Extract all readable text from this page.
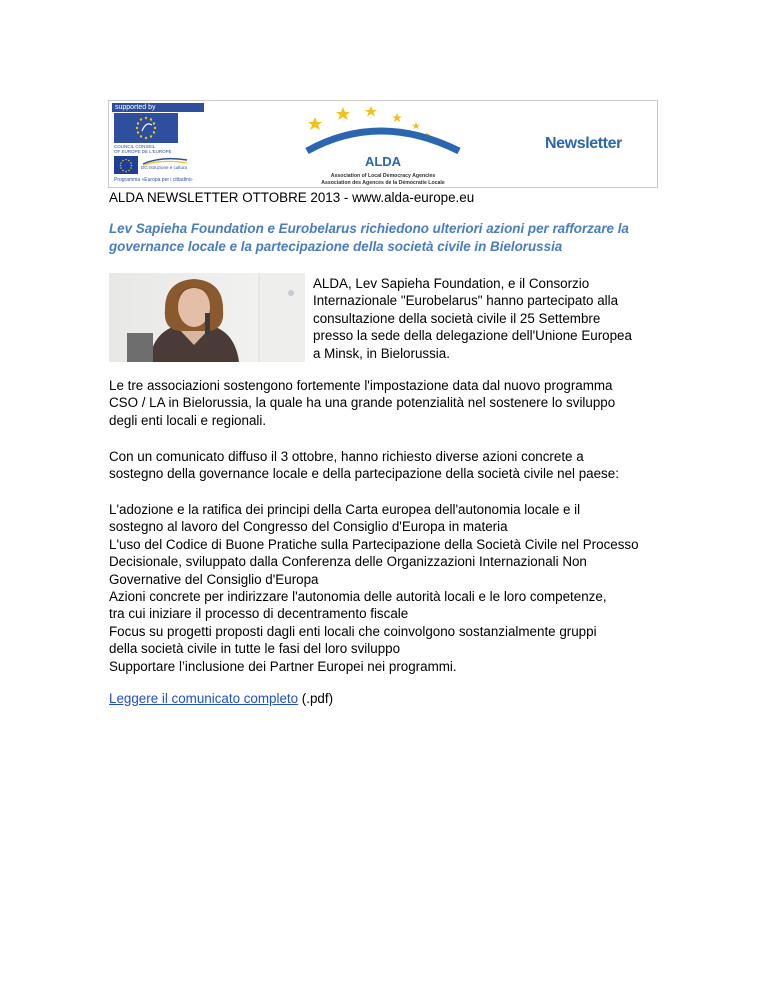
supported by
COUNCIL CONSEIL
OF EUROPE DE L'EUROPE
DG Istruzione e cultura
Programma «Europa per i cittadini»
ALDA
Association of Local Democracy Agencies
Association des Agences de la Démocratie Locale
Newsletter
ALDA NEWSLETTER OTTOBRE 2013 - www.alda-europe.eu
Lev Sapieha Foundation e Eurobelarus richiedono ulteriori azioni per rafforzare la
governance locale e la partecipazione della società civile in Bielorussia
ALDA, Lev Sapieha Foundation, e il Consorzio
Internazionale "Eurobelarus" hanno partecipato alla
consultazione della società civile il 25 Settembre
presso la sede della delegazione dell'Unione Europea
a Minsk, in Bielorussia.
Le tre associazioni sostengono fortemente l'impostazione data dal nuovo programma
CSO / LA in Bielorussia, la quale ha una grande potenzialità nel sostenere lo sviluppo
degli enti locali e regionali.
Con un comunicato diffuso il 3 ottobre, hanno richiesto diverse azioni concrete a
sostegno della governance locale e della partecipazione della società civile nel paese:
L'adozione e la ratifica dei principi della Carta europea dell'autonomia locale e il
sostegno al lavoro del Congresso del Consiglio d'Europa in materia
L'uso del Codice di Buone Pratiche sulla Partecipazione della Società Civile nel Processo
Decisionale, sviluppato dalla Conferenza delle Organizzazioni Internazionali Non
Governative del Consiglio d'Europa
Azioni concrete per indirizzare l'autonomia delle autorità locali e le loro competenze,
tra cui iniziare il processo di decentramento fiscale
Focus su progetti proposti dagli enti locali che coinvolgono sostanzialmente gruppi
della società civile in tutte le fasi del loro sviluppo
Supportare l’inclusione dei Partner Europei nei programmi.
Leggere il comunicato completo (.pdf)
